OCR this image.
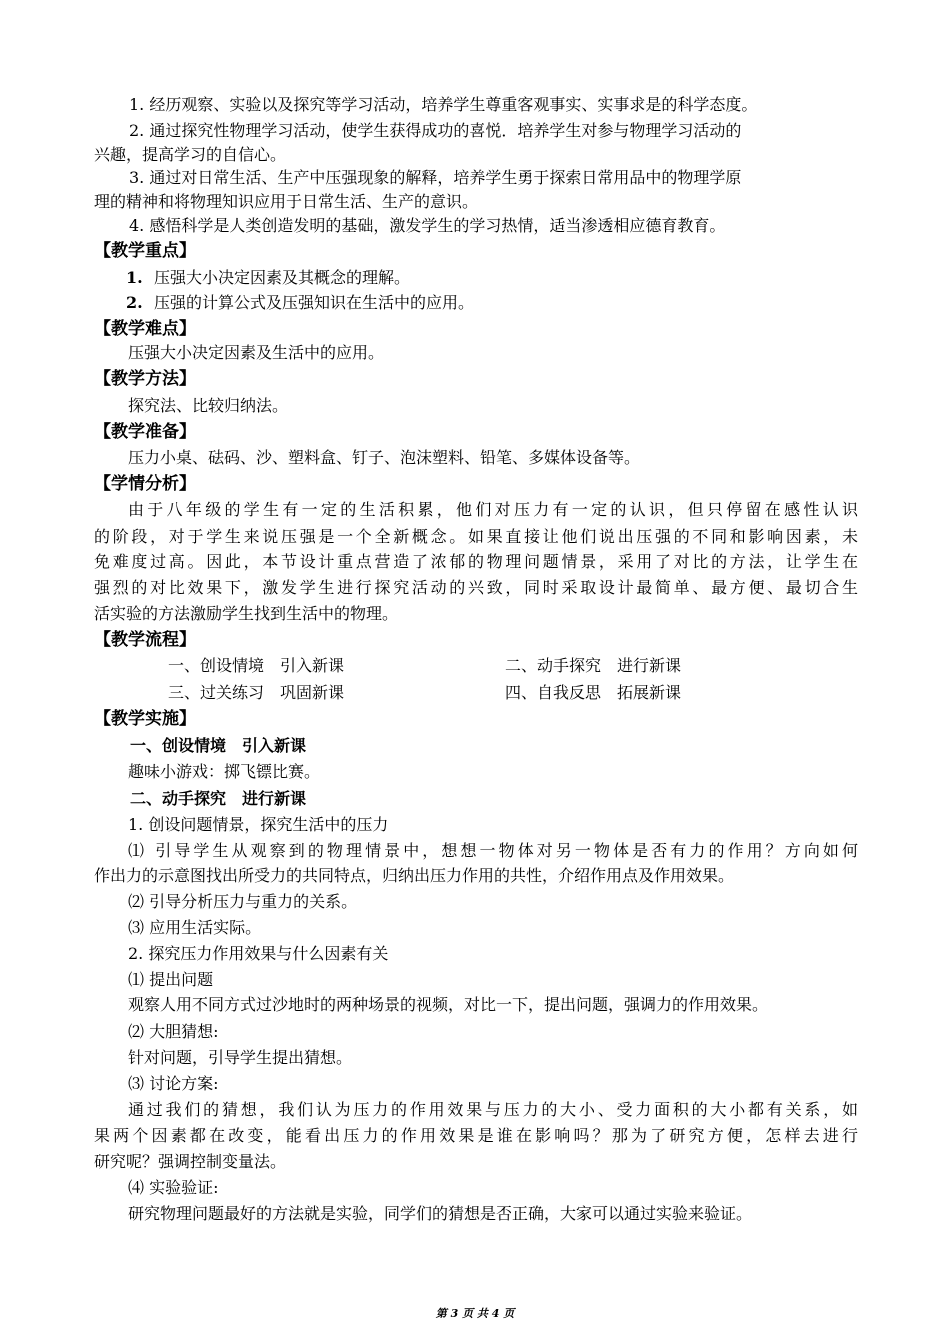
1. 经历观察、实验以及探究等学习活动，培养学生尊重客观事实、实事求是的科学态度。
2. 通过探究性物理学习活动，使学生获得成功的喜悦．培养学生对参与物理学习活动的
兴趣，提高学习的自信心。
3. 通过对日常生活、生产中压强现象的解释，培养学生勇于探索日常用品中的物理学原
理的精神和将物理知识应用于日常生活、生产的意识。
4. 感悟科学是人类创造发明的基础，激发学生的学习热情，适当渗透相应德育教育。
【教学重点】
1. 压强大小决定因素及其概念的理解。
2. 压强的计算公式及压强知识在生活中的应用。
【教学难点】
压强大小决定因素及生活中的应用。
【教学方法】
探究法、比较归纳法。
【教学准备】
压力小桌、砝码、沙、塑料盒、钉子、泡沫塑料、铅笔、多媒体设备等。
【学情分析】
由于八年级的学生有一定的生活积累，他们对压力有一定的认识，但只停留在感性认识
的阶段，对于学生来说压强是一个全新概念。如果直接让他们说出压强的不同和影响因素，未
免难度过高。因此，本节设计重点营造了浓郁的物理问题情景，采用了对比的方法，让学生在
强烈的对比效果下，激发学生进行探究活动的兴致，同时采取设计最简单、最方便、最切合生
活实验的方法激励学生找到生活中的物理。
【教学流程】
一、创设情境　引入新课	二、动手探究　进行新课
三、过关练习　巩固新课	四、自我反思　拓展新课
【教学实施】
一、创设情境　引入新课
趣味小游戏：掷飞镖比赛。
二、动手探究　进行新课
1. 创设问题情景，探究生活中的压力
⑴ 引导学生从观察到的物理情景中，想想一物体对另一物体是否有力的作用？方向如何
作出力的示意图找出所受力的共同特点，归纳出压力作用的共性，介绍作用点及作用效果。
⑵ 引导分析压力与重力的关系。
⑶ 应用生活实际。
2. 探究压力作用效果与什么因素有关
⑴ 提出问题
观察人用不同方式过沙地时的两种场景的视频，对比一下，提出问题，强调力的作用效果。
⑵ 大胆猜想:
针对问题，引导学生提出猜想。
⑶ 讨论方案:
通过我们的猜想，我们认为压力的作用效果与压力的大小、受力面积的大小都有关系，如
果两个因素都在改变，能看出压力的作用效果是谁在影响吗？那为了研究方便，怎样去进行
研究呢？强调控制变量法。
⑷ 实验验证:
研究物理问题最好的方法就是实验，同学们的猜想是否正确，大家可以通过实验来验证。
第 3 页 共 4 页
